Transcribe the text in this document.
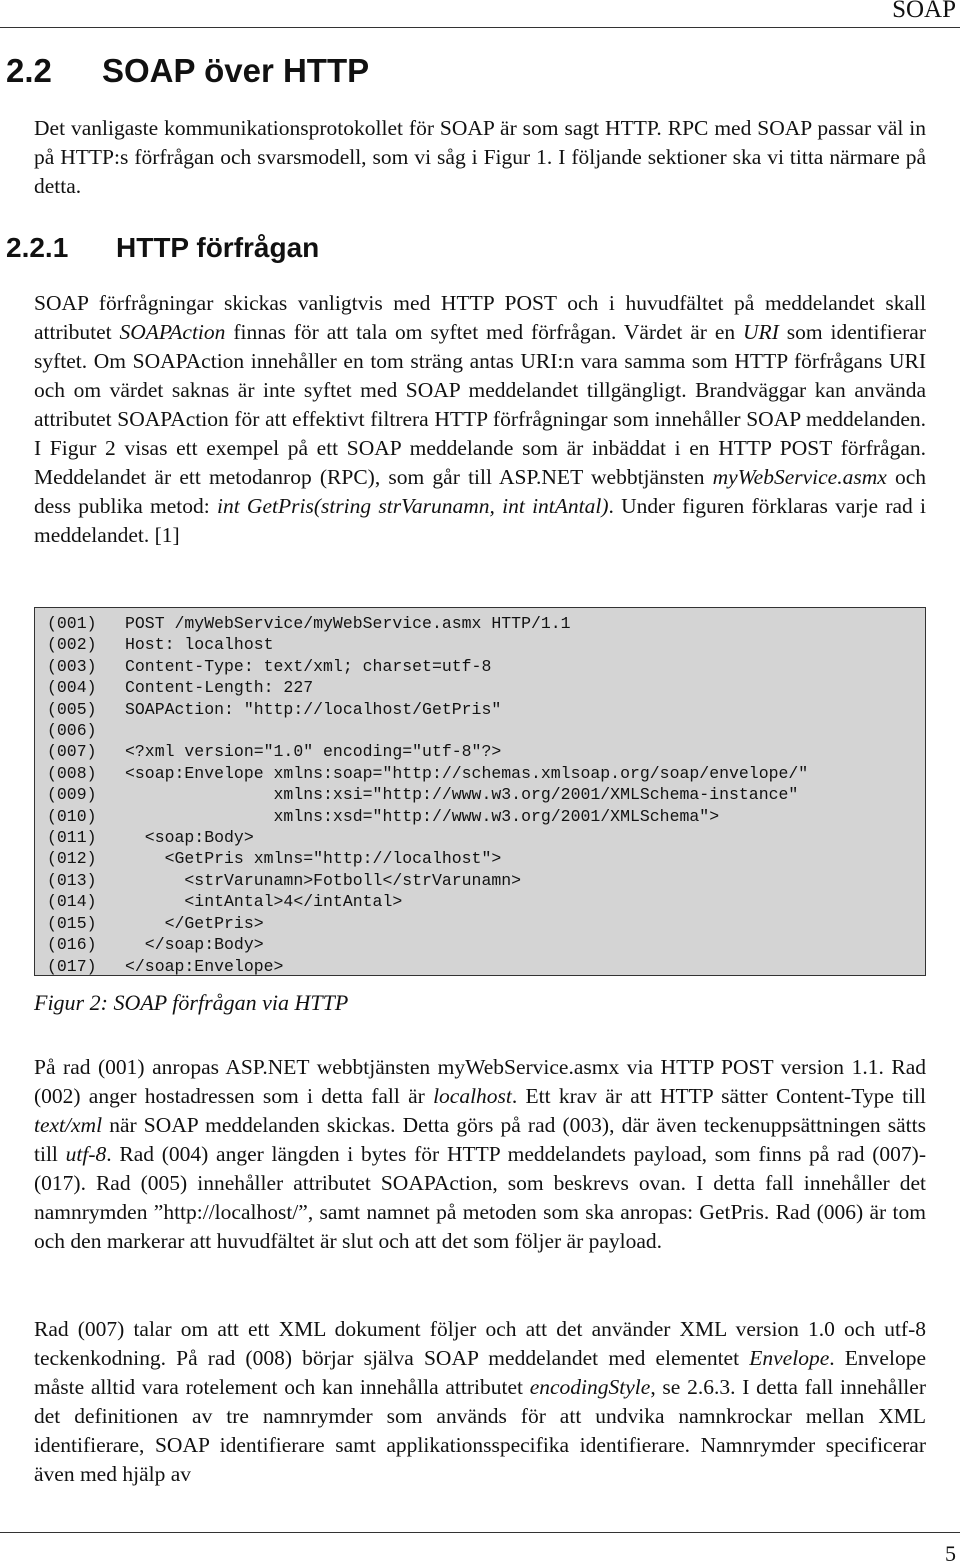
SOAP
2.2 SOAP över HTTP

Det vanligaste kommunikationsprotokollet för SOAP är som sagt HTTP. RPC med SOAP passar väl in på HTTP:s förfrågan och svarsmodell, som vi såg i Figur 1. I följande sektioner ska vi titta närmare på detta.

2.2.1 HTTP förfrågan

SOAP förfrågningar skickas vanligtvis med HTTP POST och i huvudfältet på meddelandet skall attributet SOAPAction finnas för att tala om syftet med förfrågan. Värdet är en URI som identifierar syftet. Om SOAPAction innehåller en tom sträng antas URI:n vara samma som HTTP förfrågans URI och om värdet saknas är inte syftet med SOAP meddelandet tillgängligt. Brandväggar kan använda attributet SOAPAction för att effektivt filtrera HTTP förfrågningar som innehåller SOAP meddelanden. I Figur 2 visas ett exempel på ett SOAP meddelande som är inbäddat i en HTTP POST förfrågan. Meddelandet är ett metodanrop (RPC), som går till ASP.NET webbtjänsten myWebService.asmx och dess publika metod: int GetPris(string strVarunamn, int intAntal). Under figuren förklaras varje rad i meddelandet. [1]

(001) POST /myWebService/myWebService.asmx HTTP/1.1
(002) Host: localhost
(003) Content-Type: text/xml; charset=utf-8
(004) Content-Length: 227
(005) SOAPAction: "http://localhost/GetPris"
(006)
(007) <?xml version="1.0" encoding="utf-8"?>
(008) <soap:Envelope xmlns:soap="http://schemas.xmlsoap.org/soap/envelope/"
(009)               xmlns:xsi="http://www.w3.org/2001/XMLSchema-instance"
(010)               xmlns:xsd="http://www.w3.org/2001/XMLSchema">
(011)  <soap:Body>
(012)    <GetPris xmlns="http://localhost">
(013)      <strVarunamn>Fotboll</strVarunamn>
(014)      <intAntal>4</intAntal>
(015)    </GetPris>
(016)  </soap:Body>
(017) </soap:Envelope>

Figur 2: SOAP förfrågan via HTTP

På rad (001) anropas ASP.NET webbtjänsten myWebService.asmx via HTTP POST version 1.1. Rad (002) anger hostadressen som i detta fall är localhost. Ett krav är att HTTP sätter Content-Type till text/xml när SOAP meddelanden skickas. Detta görs på rad (003), där även teckenuppsättningen sätts till utf-8. Rad (004) anger längden i bytes för HTTP meddelandets payload, som finns på rad (007)-(017). Rad (005) innehåller attributet SOAPAction, som beskrevs ovan. I detta fall innehåller det namnrymden ”http://localhost/”, samt namnet på metoden som ska anropas: GetPris. Rad (006) är tom och den markerar att huvudfältet är slut och att det som följer är payload.

Rad (007) talar om att ett XML dokument följer och att det använder XML version 1.0 och utf-8 teckenkodning. På rad (008) börjar själva SOAP meddelandet med elementet Envelope. Envelope måste alltid vara rotelement och kan innehålla attributet encodingStyle, se 2.6.3. I detta fall innehåller det definitionen av tre namnrymder som används för att undvika namnkrockar mellan XML identifierare, SOAP identifierare samt applikationsspecifika identifierare. Namnrymder specificerar även med hjälp av

5
